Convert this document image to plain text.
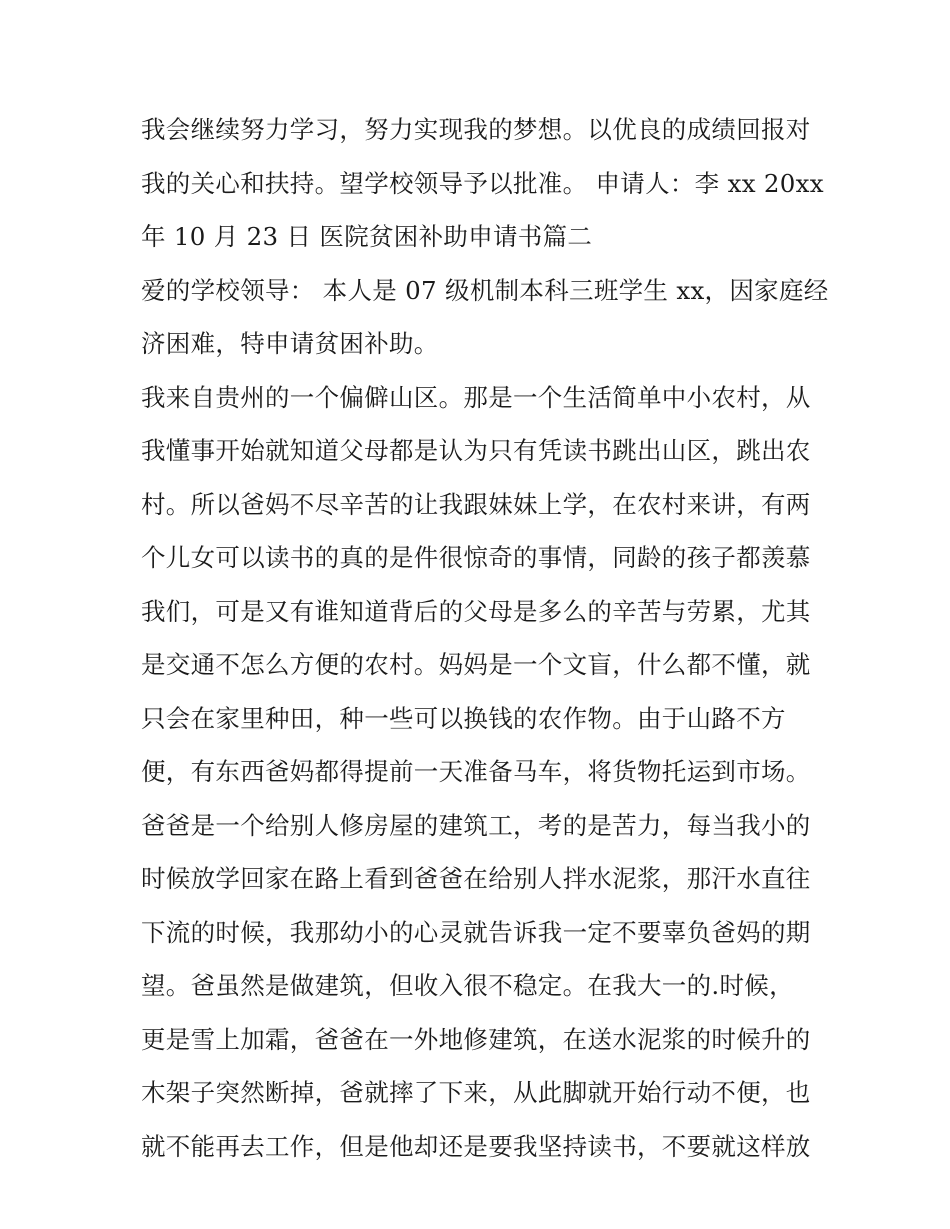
我会继续努力学习，努力实现我的梦想。以优良的成绩回报对
我的关心和扶持。望学校领导予以批准。 申请人：李 xx 20xx
年 10 月 23 日 医院贫困补助申请书篇二
爱的学校领导： 本人是 07 级机制本科三班学生 xx，因家庭经
济困难，特申请贫困补助。
我来自贵州的一个偏僻山区。那是一个生活简单中小农村，从
我懂事开始就知道父母都是认为只有凭读书跳出山区，跳出农
村。所以爸妈不尽辛苦的让我跟妹妹上学，在农村来讲，有两
个儿女可以读书的真的是件很惊奇的事情，同龄的孩子都羡慕
我们，可是又有谁知道背后的父母是多么的辛苦与劳累，尤其
是交通不怎么方便的农村。妈妈是一个文盲，什么都不懂，就
只会在家里种田，种一些可以换钱的农作物。由于山路不方
便，有东西爸妈都得提前一天准备马车，将货物托运到市场。
爸爸是一个给别人修房屋的建筑工，考的是苦力，每当我小的
时候放学回家在路上看到爸爸在给别人拌水泥浆，那汗水直往
下流的时候，我那幼小的心灵就告诉我一定不要辜负爸妈的期
望。爸虽然是做建筑，但收入很不稳定。在我大一的.时候，
更是雪上加霜，爸爸在一外地修建筑，在送水泥浆的时候升的
木架子突然断掉，爸就摔了下来，从此脚就开始行动不便，也
就不能再去工作，但是他却还是要我坚持读书，不要就这样放
